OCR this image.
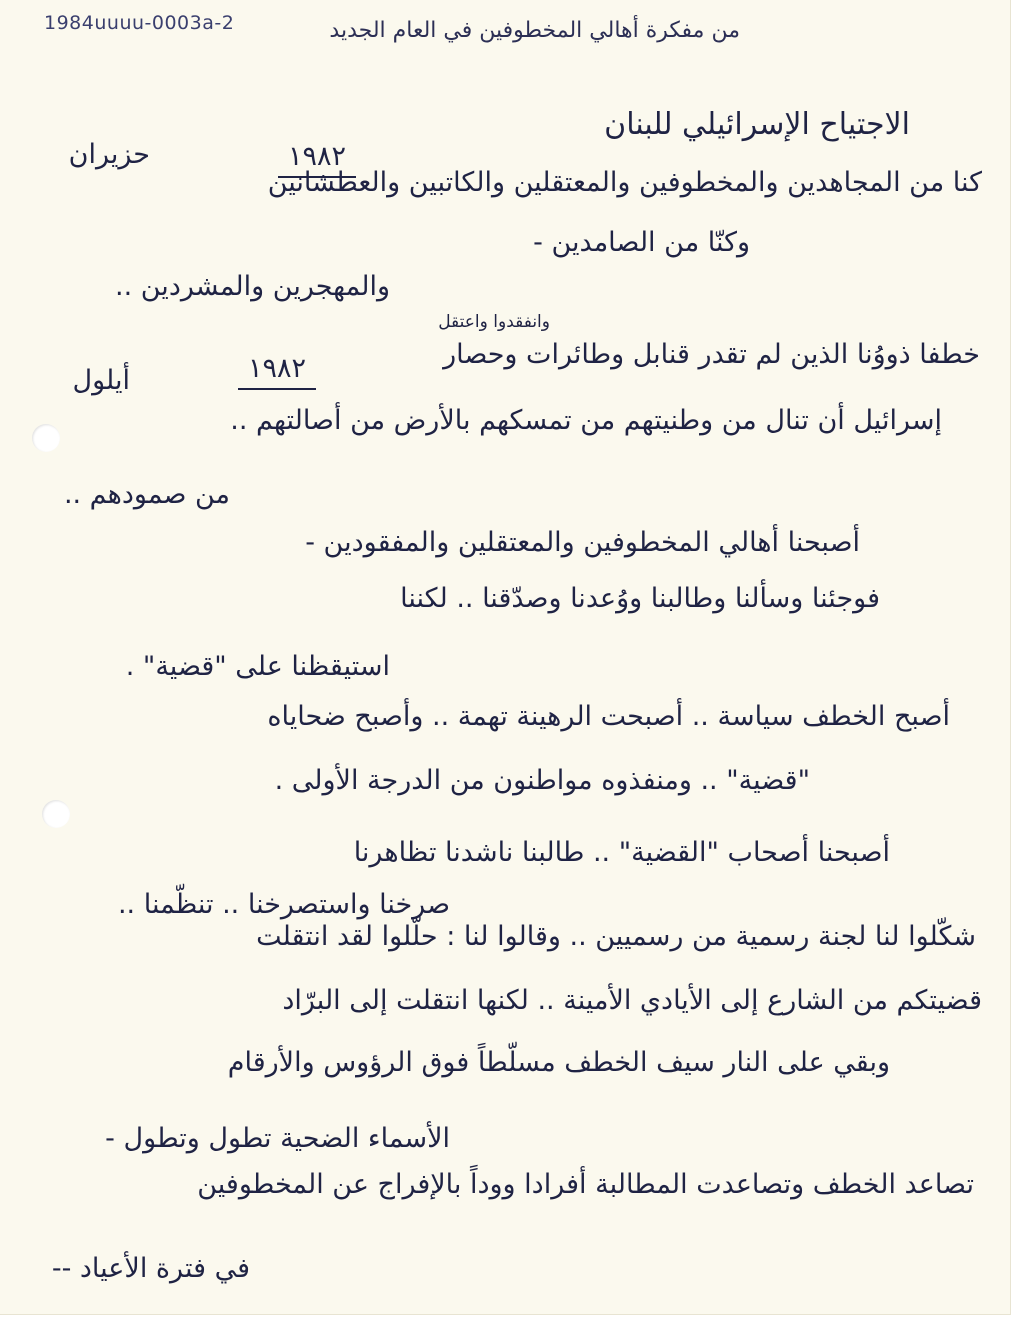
1984uuuu-0003a-2	من مفكرة أهالي المخطوفين في العام الجديد
الاجتياح الإسرائيلي للبنان
حزيران	١٩٨٢
كنا من المجاهدين والمخطوفين والمعتقلين والكاتبين والعطشانين
وكنّا من الصامدين -
والمهجرين والمشردين ..
وانفقدوا واعتقل
أيلول	١٩٨٢	خطفا ذووُنا الذين لم تقدر قنابل وطائرات وحصار
إسرائيل أن تنال من وطنيتهم من تمسكهم بالأرض من أصالتهم ..
من صمودهم ..
أصبحنا أهالي المخطوفين والمعتقلين والمفقودين -
فوجئنا وسألنا وطالبنا ووُعدنا وصدّقنا .. لكننا
استيقظنا على "قضية" .
أصبح الخطف سياسة .. أصبحت الرهينة تهمة .. وأصبح ضحاياه
"قضية" .. ومنفذوه مواطنون من الدرجة الأولى .
أصبحنا أصحاب "القضية" .. طالبنا ناشدنا تظاهرنا
صرخنا واستصرخنا .. تنظّمنا ..
شكّلوا لنا لجنة رسمية من رسميين .. وقالوا لنا : حلّلوا لقد انتقلت
قضيتكم من الشارع إلى الأيادي الأمينة .. لكنها انتقلت إلى البرّاد
وبقي على النار سيف الخطف مسلّطاً فوق الرؤوس والأرقام
الأسماء الضحية تطول وتطول -
تصاعد الخطف وتصاعدت المطالبة أفرادا ووداً بالإفراج عن المخطوفين
في فترة الأعياد --
